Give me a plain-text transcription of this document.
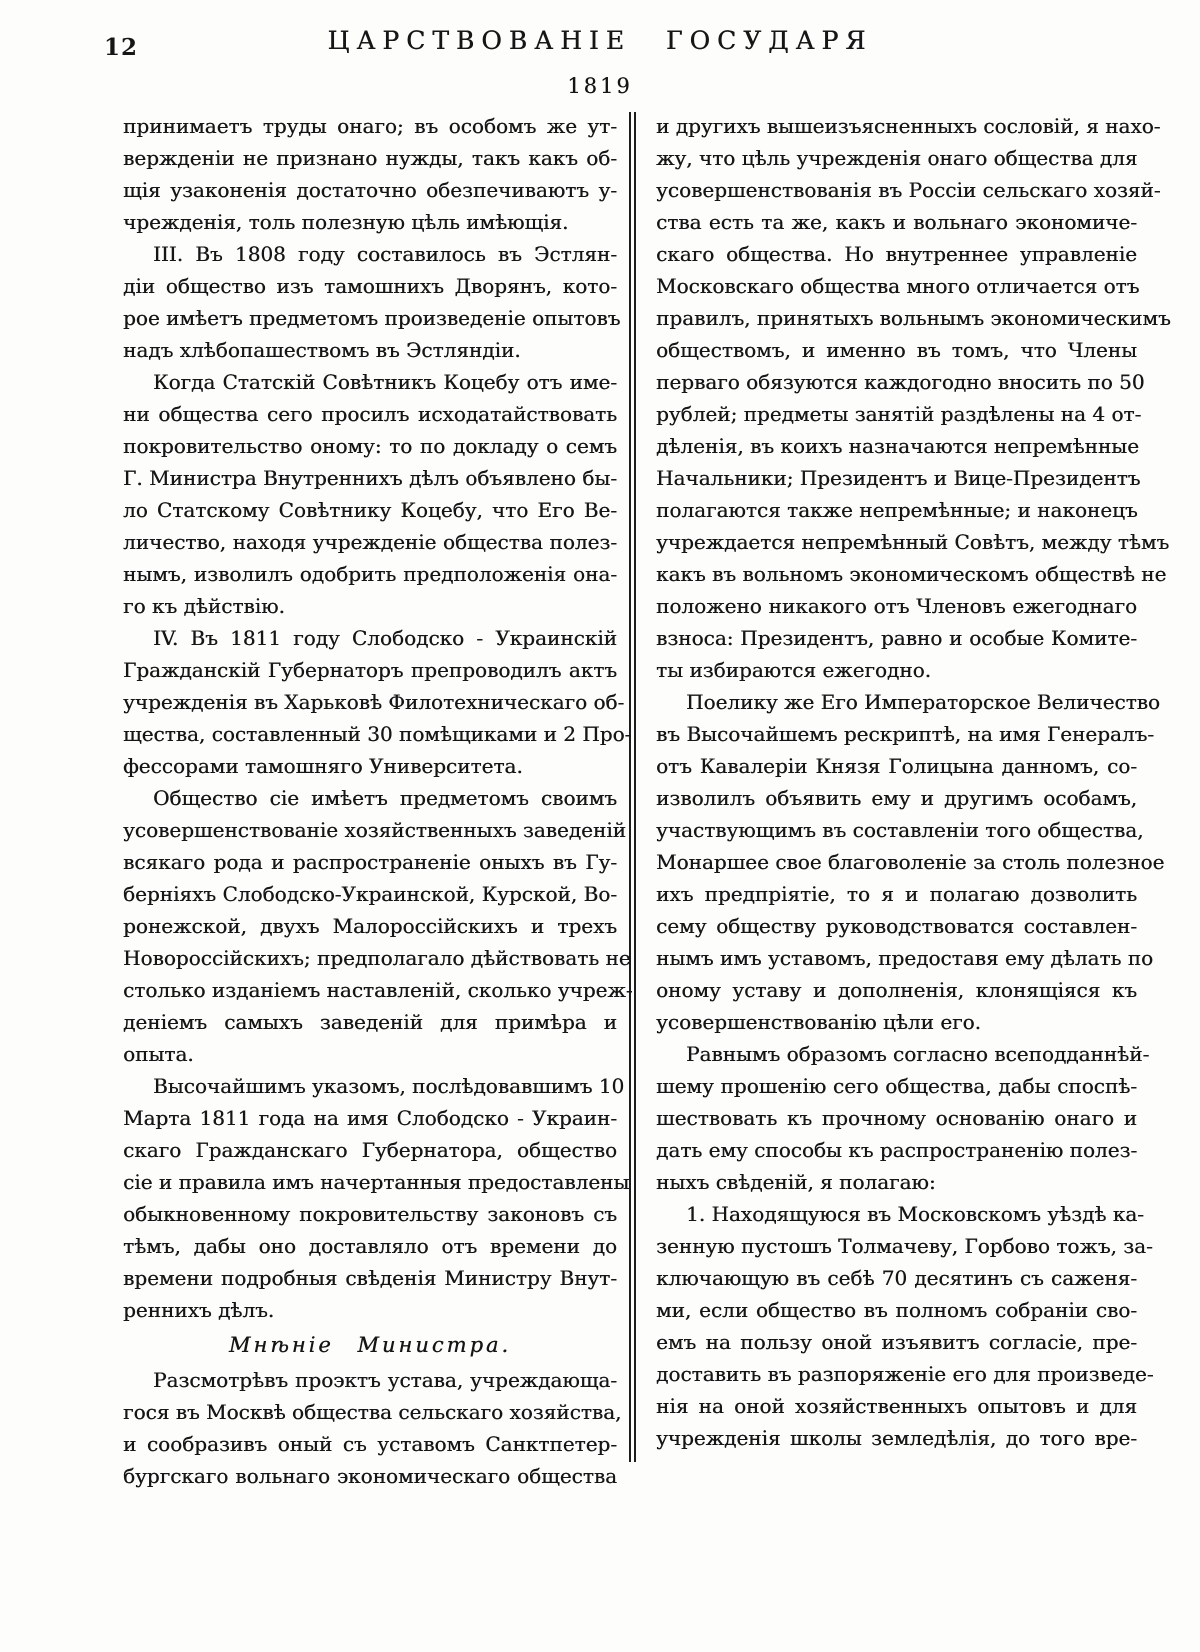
12	ЦАРСТВОВАНІЕ ГОСУДАРЯ
1819
принимаетъ труды онаго; въ особомъ же ут-
вержденіи не признано нужды, такъ какъ об-
щія узаконенія достаточно обезпечиваютъ у-
чрежденія, толь полезную цѣль имѣющія.
III. Въ 1808 году составилось въ Эстлян-
діи общество изъ тамошнихъ Дворянъ, кото-
рое имѣетъ предметомъ произведеніе опытовъ
надъ хлѣбопашествомъ въ Эстляндіи.
Когда Статскій Совѣтникъ Коцебу отъ име-
ни общества сего просилъ исходатайствовать
покровительство оному: то по докладу о семъ
Г. Министра Внутреннихъ дѣлъ объявлено бы-
ло Статскому Совѣтнику Коцебу, что Его Ве-
личество, находя учрежденіе общества полез-
нымъ, изволилъ одобрить предположенія она-
го къ дѣйствію.
IV. Въ 1811 году Слободско - Украинскій
Гражданскій Губернаторъ препроводилъ актъ
учрежденія въ Харьковѣ Филотехническаго об-
щества, составленный 30 помѣщиками и 2 Про-
фессорами тамошняго Университета.
Общество сіе имѣетъ предметомъ своимъ
усовершенствованіе хозяйственныхъ заведеній
всякаго рода и распространеніе оныхъ въ Гу-
берніяхъ Слободско-Украинской, Курской, Во-
ронежской, двухъ Малороссійскихъ и трехъ
Новороссійскихъ; предполагало дѣйствовать не
столько изданіемъ наставленій, сколько учреж-
деніемъ самыхъ заведеній для примѣра и опыта.
Высочайшимъ указомъ, послѣдовавшимъ 10
Марта 1811 года на имя Слободско - Украин-
скаго Гражданскаго Губернатора, общество
сіе и правила имъ начертанныя предоставлены
обыкновенному покровительству законовъ съ
тѣмъ, дабы оно доставляло отъ времени до
времени подробныя свѣденія Министру Внут-
реннихъ дѣлъ.
Мнѣніе Министра.
Разсмотрѣвъ проэктъ устава, учреждающа-
гося въ Москвѣ общества сельскаго хозяйства,
и сообразивъ оный съ уставомъ Санктпетер-
бургскаго вольнаго экономическаго общества
и другихъ вышеизъясненныхъ сословій, я нахо-
жу, что цѣль учрежденія онаго общества для
усовершенствованія въ Россіи сельскаго хозяй-
ства есть та же, какъ и вольнаго экономиче-
скаго общества. Но внутреннее управленіе
Московскаго общества много отличается отъ
правилъ, принятыхъ вольнымъ экономическимъ
обществомъ, и именно въ томъ, что Члены
перваго обязуются каждогодно вносить по 50
рублей; предметы занятій раздѣлены на 4 от-
дѣленія, въ коихъ назначаются непремѣнные
Начальники; Президентъ и Вице-Президентъ
полагаются также непремѣнные; и наконецъ
учреждается непремѣнный Совѣтъ, между тѣмъ
какъ въ вольномъ экономическомъ обществѣ не
положено никакого отъ Членовъ ежегоднаго
взноса: Президентъ, равно и особые Комите-
ты избираются ежегодно.
Поелику же Его Императорское Величество
въ Высочайшемъ рескриптѣ, на имя Генералъ-
отъ Кавалеріи Князя Голицына данномъ, со-
изволилъ объявить ему и другимъ особамъ,
участвующимъ въ составленіи того общества,
Монаршее свое благоволеніе за столь полезное
ихъ предпріятіе, то я и полагаю дозволить
сему обществу руководствоватся составлен-
нымъ имъ уставомъ, предоставя ему дѣлать по
оному уставу и дополненія, клонящіяся къ
усовершенствованію цѣли его.
Равнымъ образомъ согласно всеподданнѣй-
шему прошенію сего общества, дабы споспѣ-
шествовать къ прочному основанію онаго и
дать ему способы къ распространенію полез-
ныхъ свѣденій, я полагаю:
1. Находящуюся въ Московскомъ уѣздѣ ка-
зенную пустошъ Толмачеву, Горбово тожъ, за-
ключающую въ себѣ 70 десятинъ съ саженя-
ми, если общество въ полномъ собраніи сво-
емъ на пользу оной изъявитъ согласіе, пре-
доставить въ разпоряженіе его для произведе-
нія на оной хозяйственныхъ опытовъ и для
учрежденія школы земледѣлія, до того вре-
